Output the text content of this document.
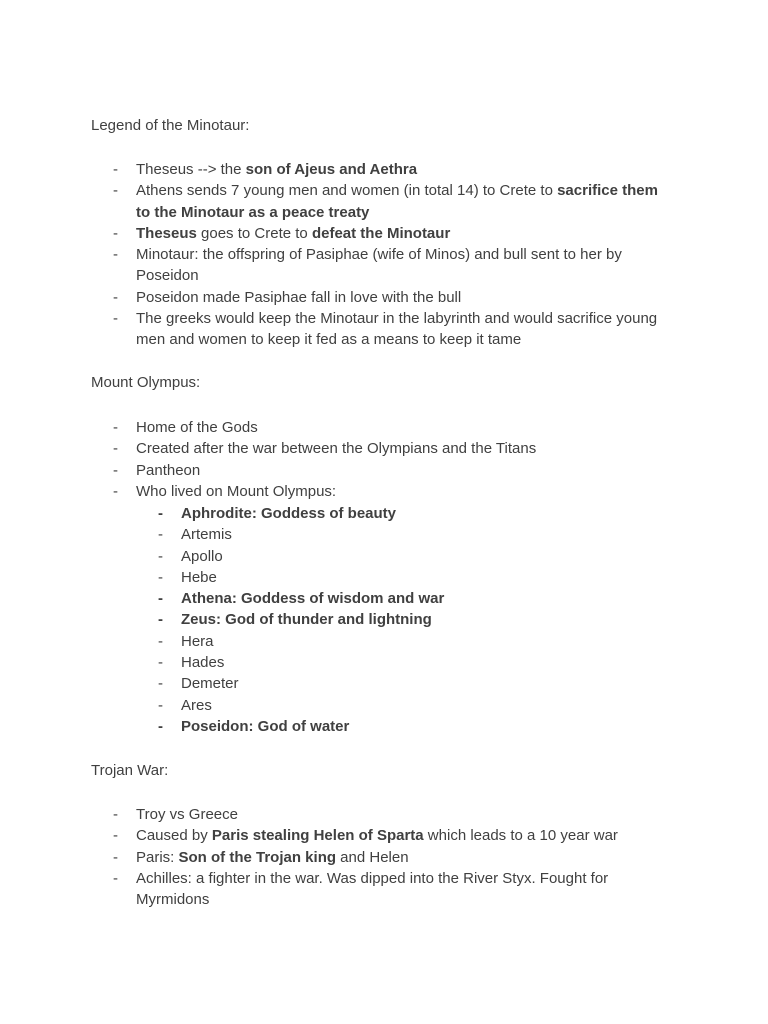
Legend of the Minotaur:
- Theseus --> the son of Ajeus and Aethra
- Athens sends 7 young men and women (in total 14) to Crete to sacrifice them to the Minotaur as a peace treaty
- Theseus goes to Crete to defeat the Minotaur
- Minotaur: the offspring of Pasiphae (wife of Minos) and bull sent to her by Poseidon
- Poseidon made Pasiphae fall in love with the bull
- The greeks would keep the Minotaur in the labyrinth and would sacrifice young men and women to keep it fed as a means to keep it tame
Mount Olympus:
- Home of the Gods
- Created after the war between the Olympians and the Titans
- Pantheon
- Who lived on Mount Olympus:
- Aphrodite: Goddess of beauty
- Artemis
- Apollo
- Hebe
- Athena: Goddess of wisdom and war
- Zeus: God of thunder and lightning
- Hera
- Hades
- Demeter
- Ares
- Poseidon: God of water
Trojan War:
- Troy vs Greece
- Caused by Paris stealing Helen of Sparta which leads to a 10 year war
- Paris: Son of the Trojan king and Helen
- Achilles: a fighter in the war. Was dipped into the River Styx. Fought for Myrmidons
